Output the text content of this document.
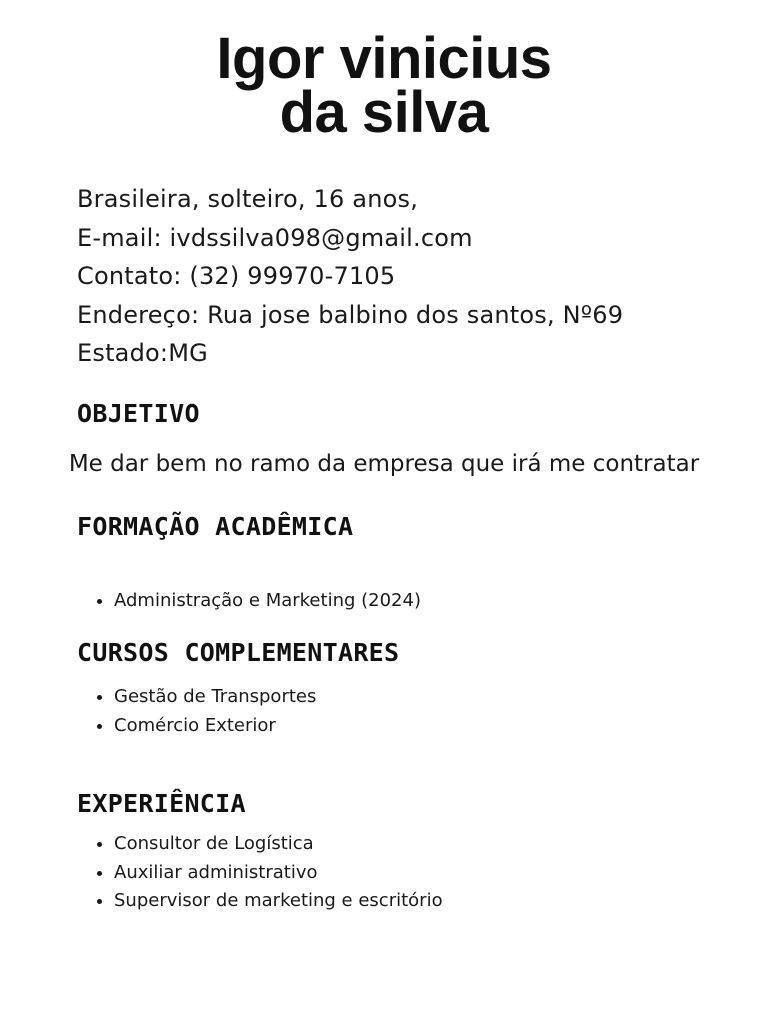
Igor vinicius
da silva
Brasileira, solteiro, 16 anos,
E-mail: ivdssilva098@gmail.com
Contato: (32) 99970-7105
Endereço: Rua jose balbino dos santos, Nº69
Estado:MG
OBJETIVO
Me dar bem no ramo da empresa que irá me contratar
FORMAÇÃO ACADÊMICA
• Administração e Marketing (2024)
CURSOS COMPLEMENTARES
• Gestão de Transportes
• Comércio Exterior
EXPERIÊNCIA
• Consultor de Logística
• Auxiliar administrativo
• Supervisor de marketing e escritório
